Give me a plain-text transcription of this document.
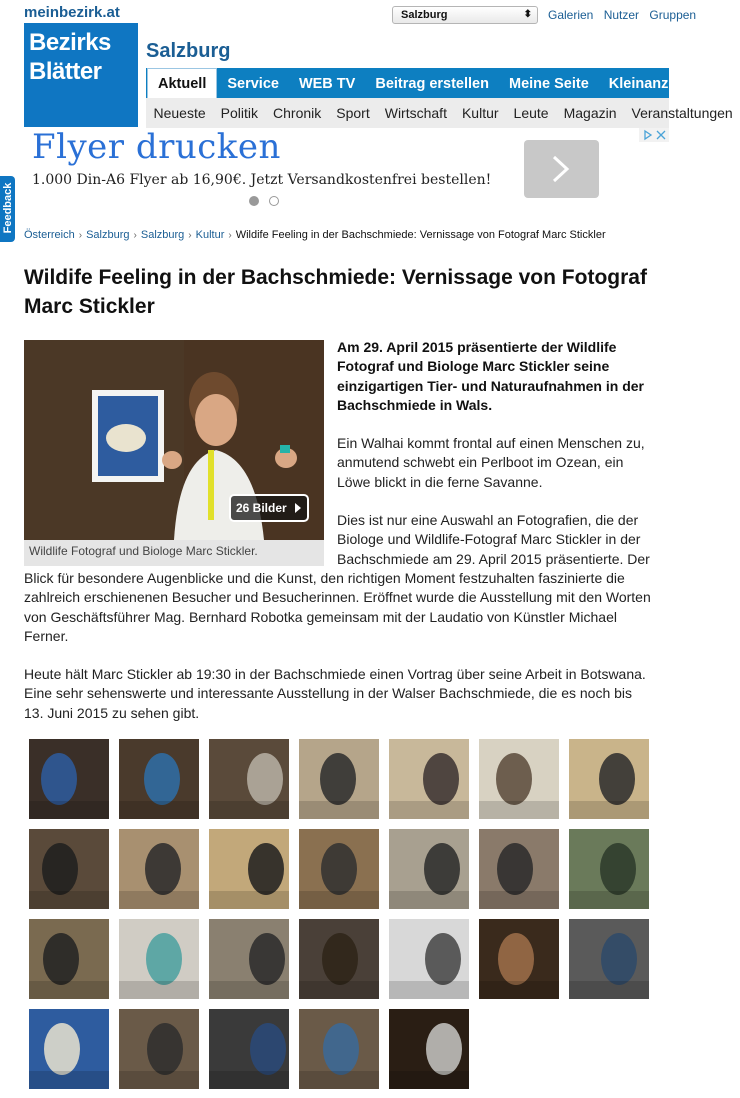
meinbezirk.at	Salzburg	⬍ Galerien Nutzer Gruppen
Bezirks
Blätter
Salzburg
Aktuell Service WEB TV Beitrag erstellen Meine Seite Kleinanzeigen
Neueste Politik Chronik Sport Wirtschaft Kultur Leute Magazin Veranstaltungen
Flyer drucken
1.000 Din-A6 Flyer ab 16,90€. Jetzt Versandkostenfrei bestellen!
Feedback
Österreich › Salzburg › Salzburg › Kultur › Wildife Feeling in der Bachschmiede: Vernissage von Fotograf Marc Stickler
Wildife Feeling in der Bachschmiede: Vernissage von Fotograf Marc Stickler

Am 29. April 2015 präsentierte der Wildlife Fotograf und Biologe Marc Stickler seine einzigartigen Tier- und Naturaufnahmen in der Bachschmiede in Wals.

Ein Walhai kommt frontal auf einen Menschen zu, anmutend schwebt ein Perlboot im Ozean, ein Löwe blickt in die ferne Savanne.

Dies ist nur eine Auswahl an Fotografien, die der Biologe und Wildlife-Fotograf Marc Stickler in der Bachschmiede am 29. April 2015 präsentierte. Der Blick für besondere Augenblicke und die Kunst, den richtigen Moment festzuhalten faszinierte die zahlreich erschienenen Besucher und Besucherinnen. Eröffnet wurde die Ausstellung mit den Worten von Geschäftsführer Mag. Bernhard Robotka gemeinsam mit der Laudatio von Künstler Michael Ferner.

Heute hält Marc Stickler ab 19:30 in der Bachschmiede einen Vortrag über seine Arbeit in Botswana. Eine sehr sehenswerte und interessante Ausstellung in der Walser Bachschmiede, die es noch bis 13. Juni 2015 zu sehen gibt.

26 Bilder
Wildlife Fotograf und Biologe Marc Stickler.
